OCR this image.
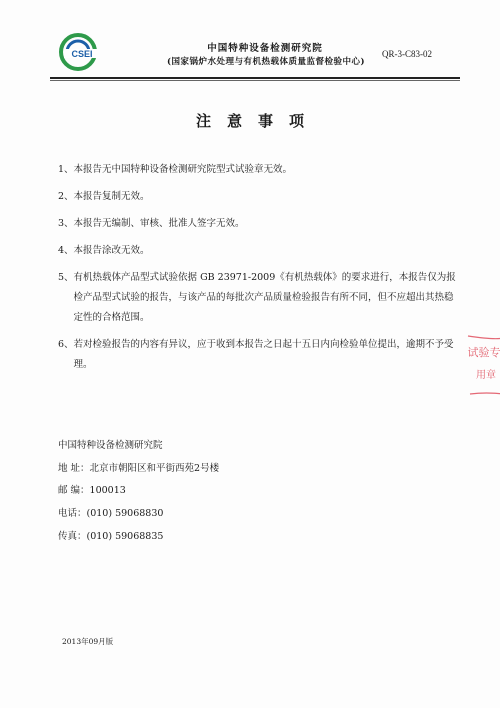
CSEI	中国特种设备检测研究院
(国家锅炉水处理与有机热载体质量监督检验中心)
QR-3-C83-02
注意事项
1、 本报告无中国特种设备检测研究院型式试验章无效。
2、 本报告复制无效。
3、 本报告无编制、审核、批准人签字无效。
4、 本报告涂改无效。
5、 有机热载体产品型式试验依据 GB 23971-2009《有机热载体》的要求进行，本报告仅为报检产品型式试验的报告，与该产品的每批次产品质量检验报告有所不同，但不应超出其热稳定性的合格范围。
6、 若对检验报告的内容有异议，应于收到本报告之日起十五日内向检验单位提出，逾期不予受理。
中国特种设备检测研究院
地 址：北京市朝阳区和平街西苑2号楼
邮 编：100013
电话：(010) 59068830
传真：(010) 59068835
2013年09月版
试验专
用章
